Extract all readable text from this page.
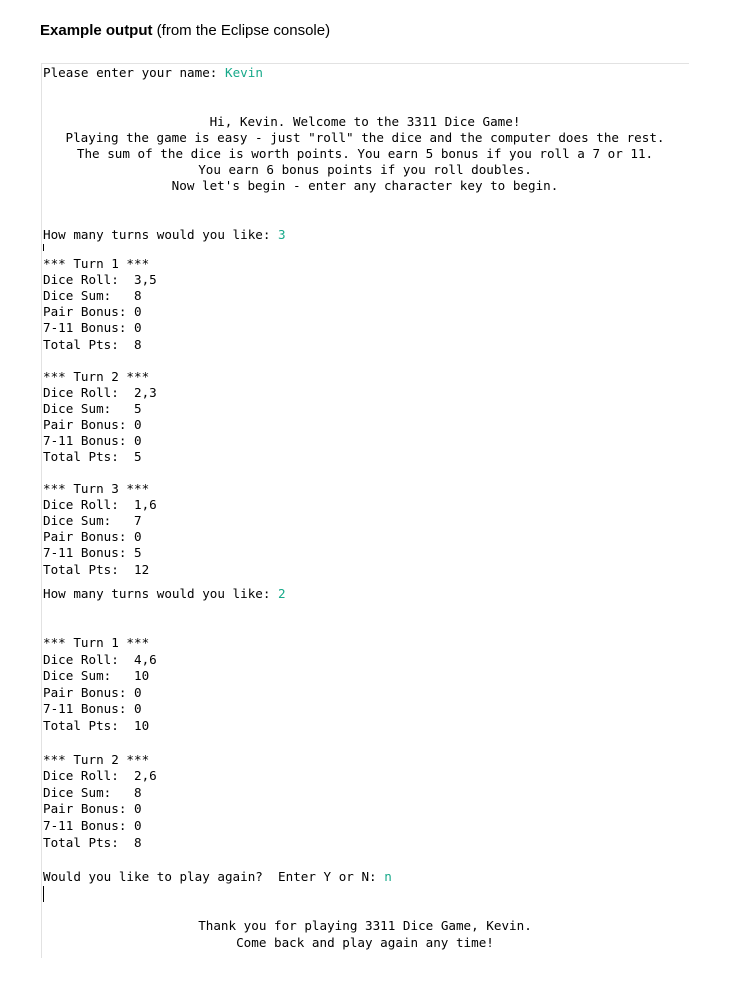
Example output (from the Eclipse console)
Please enter your name: Kevin
Hi, Kevin. Welcome to the 3311 Dice Game!
Playing the game is easy - just "roll" the dice and the computer does the rest.
The sum of the dice is worth points. You earn 5 bonus if you roll a 7 or 11.
You earn 6 bonus points if you roll doubles.
Now let's begin - enter any character key to begin.
How many turns would you like: 3
*** Turn 1 ***
Dice Roll:  3,5
Dice Sum:   8
Pair Bonus: 0
7-11 Bonus: 0
Total Pts:  8
*** Turn 2 ***
Dice Roll:  2,3
Dice Sum:   5
Pair Bonus: 0
7-11 Bonus: 0
Total Pts:  5
*** Turn 3 ***
Dice Roll:  1,6
Dice Sum:   7
Pair Bonus: 0
7-11 Bonus: 5
Total Pts:  12
How many turns would you like: 2
*** Turn 1 ***
Dice Roll:  4,6
Dice Sum:   10
Pair Bonus: 0
7-11 Bonus: 0
Total Pts:  10
*** Turn 2 ***
Dice Roll:  2,6
Dice Sum:   8
Pair Bonus: 0
7-11 Bonus: 0
Total Pts:  8
Would you like to play again?  Enter Y or N: n
Thank you for playing 3311 Dice Game, Kevin.
Come back and play again any time!
